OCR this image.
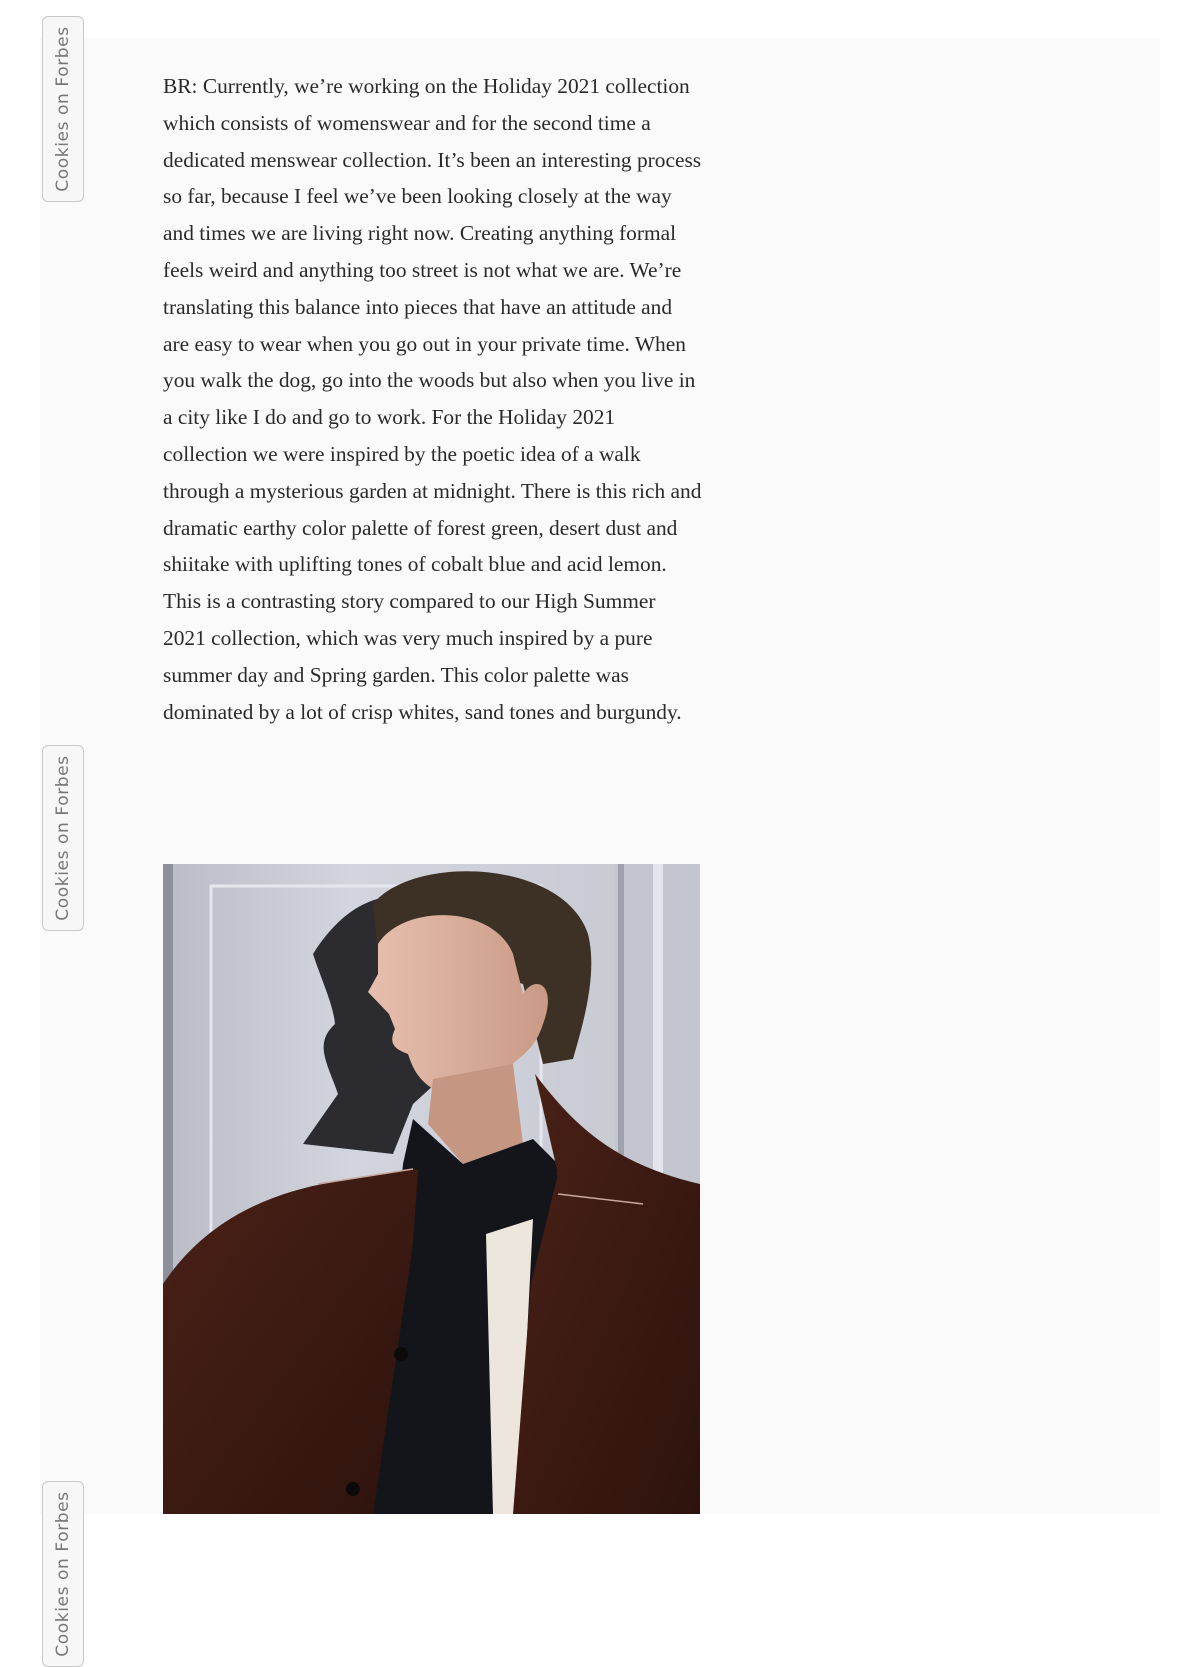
Cookies on Forbes
Cookies on Forbes
Cookies on Forbes

BR: Currently, we’re working on the Holiday 2021 collection which consists of womenswear and for the second time a dedicated menswear collection. It’s been an interesting process so far, because I feel we’ve been looking closely at the way and times we are living right now. Creating anything formal feels weird and anything too street is not what we are. We’re translating this balance into pieces that have an attitude and are easy to wear when you go out in your private time. When you walk the dog, go into the woods but also when you live in a city like I do and go to work. For the Holiday 2021 collection we were inspired by the poetic idea of a walk through a mysterious garden at midnight. There is this rich and dramatic earthy color palette of forest green, desert dust and shiitake with uplifting tones of cobalt blue and acid lemon. This is a contrasting story compared to our High Summer 2021 collection, which was very much inspired by a pure summer day and Spring garden. This color palette was dominated by a lot of crisp whites, sand tones and burgundy.
